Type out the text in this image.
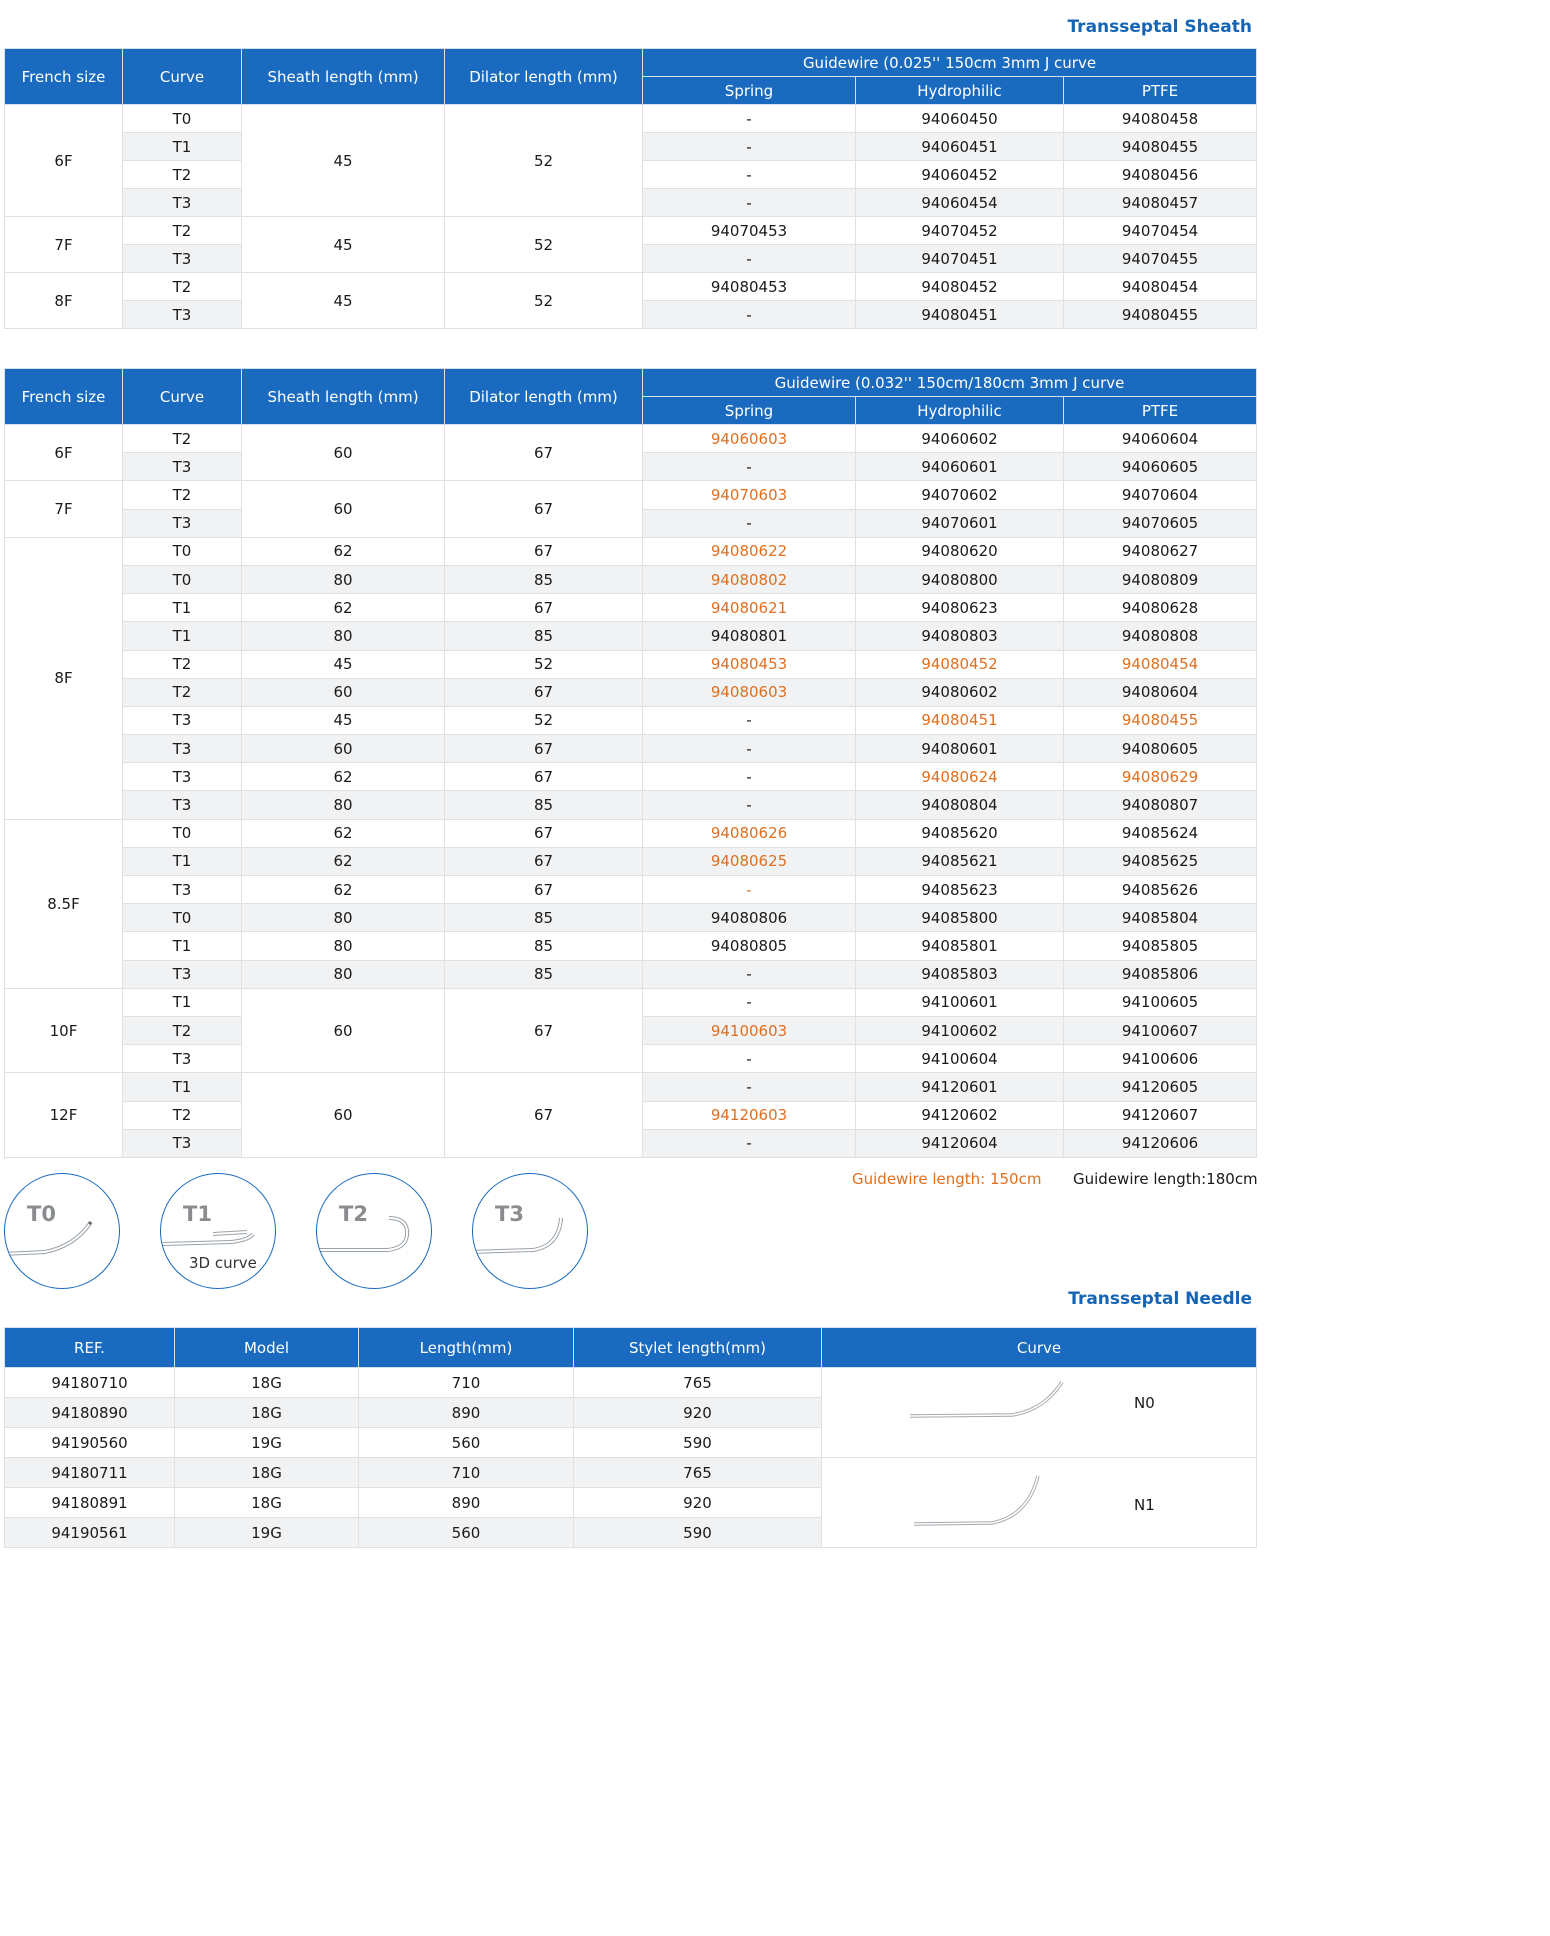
Transseptal Sheath
French size	Curve	Sheath length (mm)	Dilator length (mm)	Guidewire (0.025'' 150cm 3mm J curve		
				Spring	Hydrophilic	PTFE
6F	T0	45	52	-	94060450	94080458
	T1			-	94060451	94080455
	T2			-	94060452	94080456
	T3			-	94060454	94080457
7F	T2	45	52	94070453	94070452	94070454
	T3			-	94070451	94070455
8F	T2	45	52	94080453	94080452	94080454
	T3			-	94080451	94080455
French size	Curve	Sheath length (mm)	Dilator length (mm)	Guidewire (0.032'' 150cm/180cm 3mm J curve		
				Spring	Hydrophilic	PTFE
6F	T2	60	67	94060603	94060602	94060604
	T3			-	94060601	94060605
7F	T2	60	67	94070603	94070602	94070604
	T3			-	94070601	94070605
8F	T0	62	67	94080622	94080620	94080627
	T0	80	85	94080802	94080800	94080809
	T1	62	67	94080621	94080623	94080628
	T1	80	85	94080801	94080803	94080808
	T2	45	52	94080453	94080452	94080454
	T2	60	67	94080603	94080602	94080604
	T3	45	52	-	94080451	94080455
	T3	60	67	-	94080601	94080605
	T3	62	67	-	94080624	94080629
	T3	80	85	-	94080804	94080807
8.5F	T0	62	67	94080626	94085620	94085624
	T1	62	67	94080625	94085621	94085625
	T3	62	67	-	94085623	94085626
	T0	80	85	94080806	94085800	94085804
	T1	80	85	94080805	94085801	94085805
	T3	80	85	-	94085803	94085806
10F	T1	60	67	-	94100601	94100605
	T2			94100603	94100602	94100607
	T3			-	94100604	94100606
12F	T1	60	67	-	94120601	94120605
	T2			94120603	94120602	94120607
	T3			-	94120604	94120606
Guidewire length: 150cm Guidewire length:180cm
T0	T1
3D curve
T2	T3
Transseptal Needle
REF.	Model	Length(mm)	Stylet length(mm)	Curve
94180710	18G	710	765	N0

94180890	18G	890	920	
94190560	19G	560	590	
94180711	18G	710	765	N1

94180891	18G	890	920	
94190561	19G	560	590	
